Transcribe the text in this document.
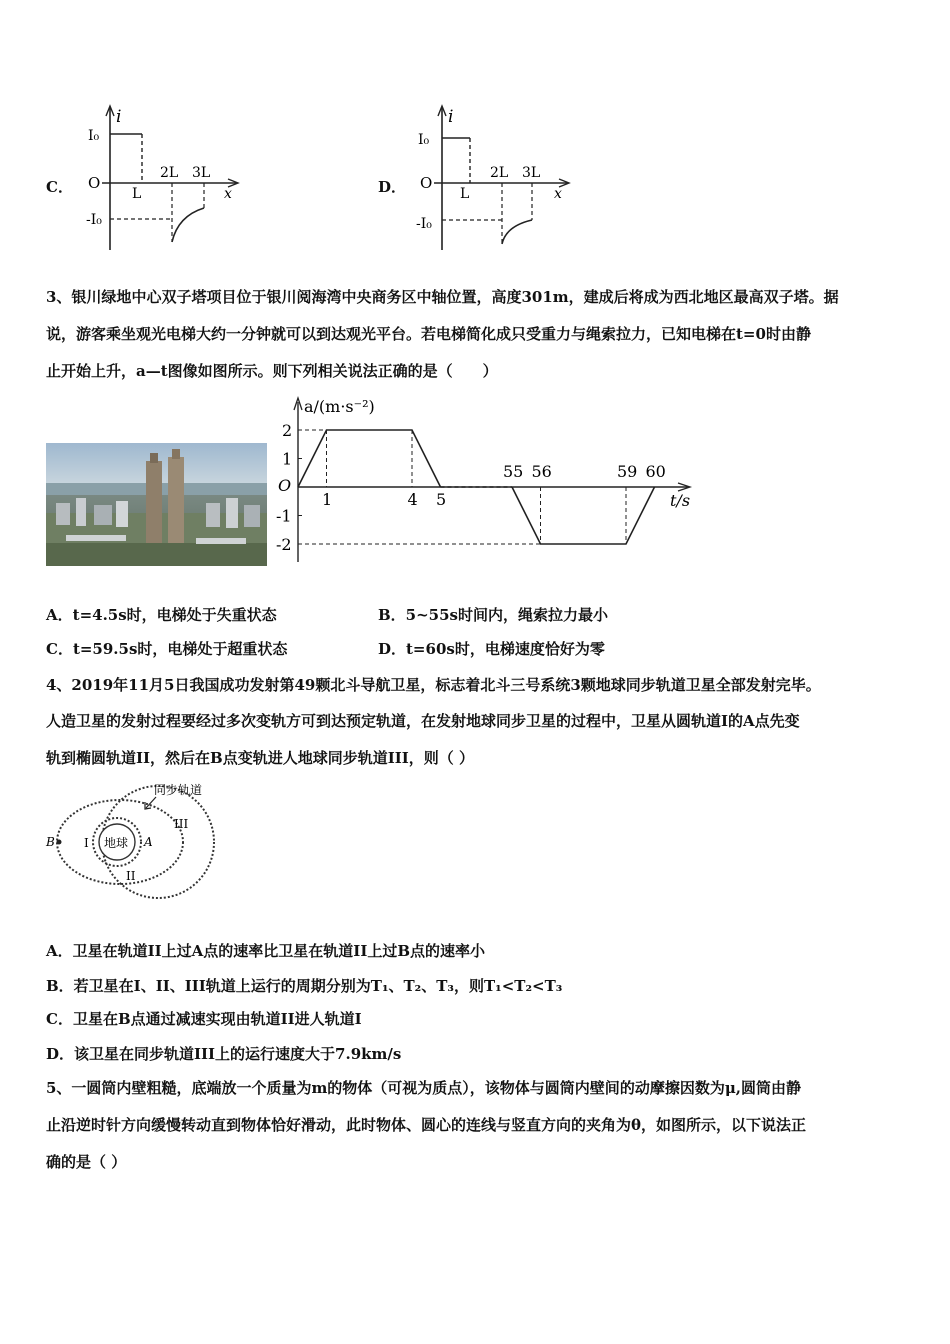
C．
i
x
O
I₀
-I₀
L
2L 3L
D．
i
x
O
I₀
-I₀
L
2L 3L
3、银川绿地中心双子塔项目位于银川阅海湾中央商务区中轴位置，高度301m，建成后将成为西北地区最高双子塔。据
说，游客乘坐观光电梯大约一分钟就可以到达观光平台。若电梯简化成只受重力与绳索拉力，已知电梯在t=0时由静
止开始上升，a—t图像如图所示。则下列相关说法正确的是（　　）
a/(m·s⁻²)
t/s
O
2
1
-1
-2
1	4 5
55 56	59 60
A．t=4.5s时，电梯处于失重状态	B．5~55s时间内，绳索拉力最小
C．t=59.5s时，电梯处于超重状态	D．t=60s时，电梯速度恰好为零
4、2019年11月5日我国成功发射第49颗北斗导航卫星，标志着北斗三号系统3颗地球同步轨道卫星全部发射完毕。
人造卫星的发射过程要经过多次变轨方可到达预定轨道，在发射地球同步卫星的过程中，卫星从圆轨道I的A点先变
轨到椭圆轨道II，然后在B点变轨进人地球同步轨道III，则（ ）
地球
B	A
I
II
III
同步轨道
A．卫星在轨道II上过A点的速率比卫星在轨道II上过B点的速率小
B．若卫星在I、II、III轨道上运行的周期分别为T₁、T₂、T₃，则T₁<T₂<T₃
C．卫星在B点通过减速实现由轨道II进人轨道I
D．该卫星在同步轨道III上的运行速度大于7.9km/s
5、一圆筒内壁粗糙，底端放一个质量为m的物体（可视为质点），该物体与圆筒内壁间的动摩擦因数为μ,圆筒由静
止沿逆时针方向缓慢转动直到物体恰好滑动，此时物体、圆心的连线与竖直方向的夹角为θ，如图所示，以下说法正
确的是（ ）
